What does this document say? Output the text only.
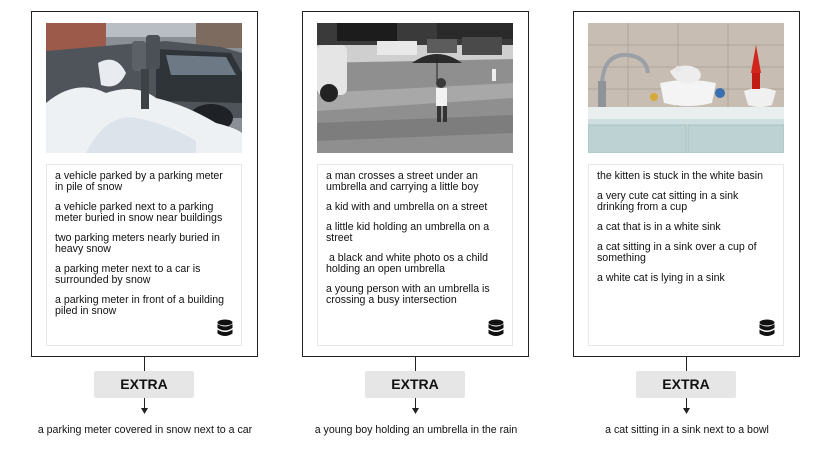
a vehicle parked by a parking meter in pile of snow
a vehicle parked next to a parking meter buried in snow near buildings
two parking meters nearly buried in heavy snow
a parking meter next to a car is surrounded by snow
a parking meter in front of a building piled in snow
EXTRA
a parking meter covered in snow next to a car
a man crosses a street under an umbrella and carrying a little boy
a kid with and umbrella on a street
a little kid holding an umbrella on a street
a black and white photo os a child holding an open umbrella
a young person with an umbrella is crossing a busy intersection
EXTRA
a young boy holding an umbrella in the rain
the kitten is stuck in the white basin
a very cute cat sitting in a sink drinking from a cup
a cat that is in a white sink
a cat sitting in a sink over a cup of something
a white cat is lying in a sink
EXTRA
a cat sitting in a sink next to a bowl
